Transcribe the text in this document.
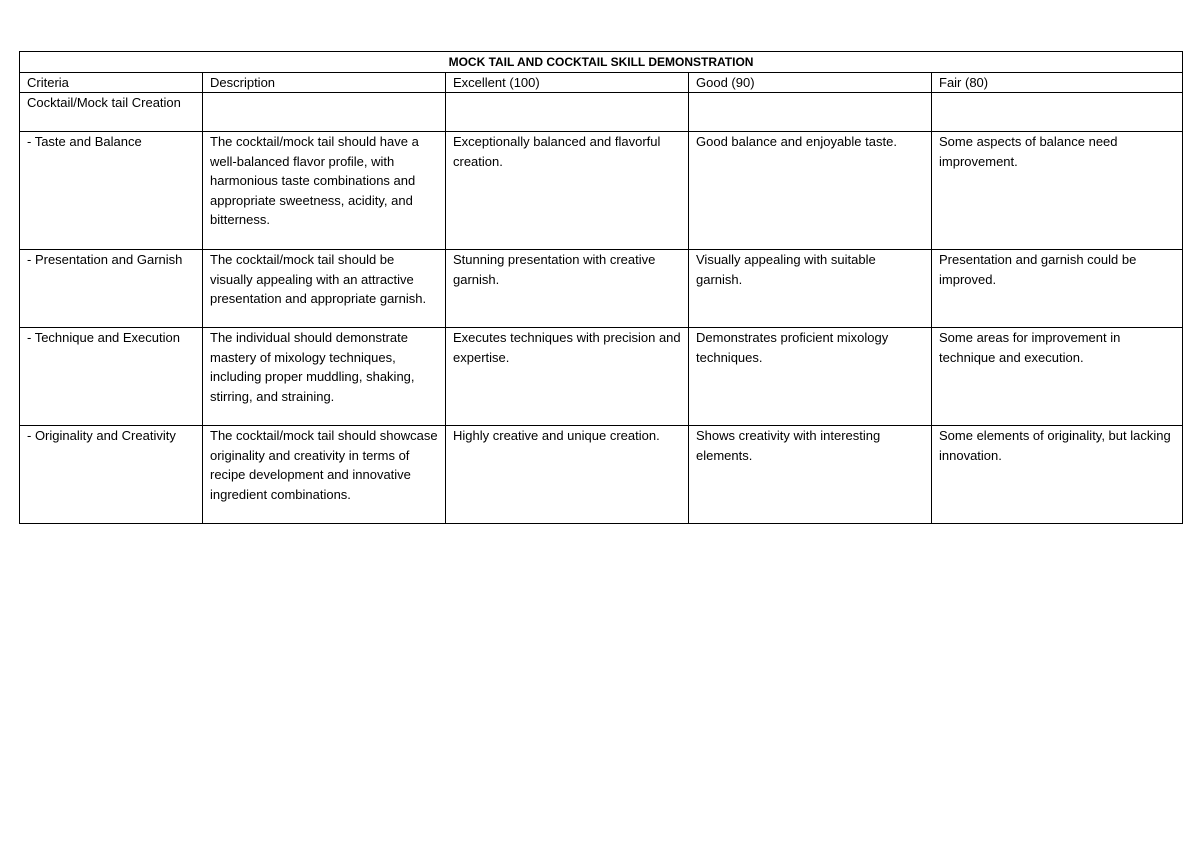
MOCK TAIL AND COCKTAIL SKILL DEMONSTRATION				
Criteria	Description	Excellent (100)	Good (90)	Fair (80)
Cocktail/Mock tail Creation				
- Taste and Balance	The cocktail/mock tail should have a well-balanced flavor profile, with harmonious taste combinations and appropriate sweetness, acidity, and bitterness.	Exceptionally balanced and flavorful creation.	Good balance and enjoyable taste.	Some aspects of balance need improvement.
- Presentation and Garnish	The cocktail/mock tail should be visually appealing with an attractive presentation and appropriate garnish.	Stunning presentation with creative garnish.	Visually appealing with suitable garnish.	Presentation and garnish could be improved.
- Technique and Execution	The individual should demonstrate mastery of mixology techniques, including proper muddling, shaking, stirring, and straining.	Executes techniques with precision and expertise.	Demonstrates proficient mixology techniques.	Some areas for improvement in technique and execution.
- Originality and Creativity	The cocktail/mock tail should showcase originality and creativity in terms of recipe development and innovative ingredient combinations.	Highly creative and unique creation.	Shows creativity with interesting elements.	Some elements of originality, but lacking innovation.
